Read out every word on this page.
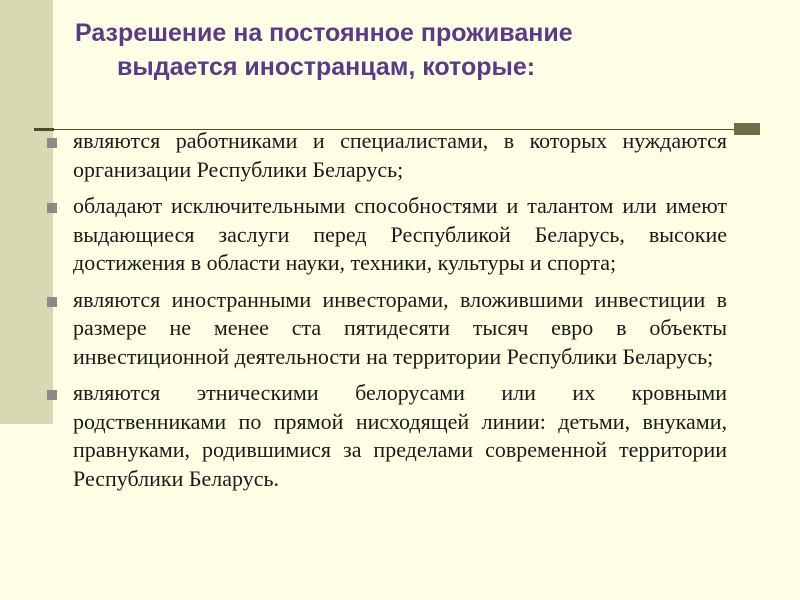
Разрешение на постоянное проживание
выдается иностранцам, которые:
являются работниками и специалистами, в которых нуждаются организации Республики Беларусь;
обладают исключительными способностями и талантом или имеют выдающиеся заслуги перед Республикой Беларусь, высокие достижения в области науки, техники, культуры и спорта;
являются иностранными инвесторами, вложившими инвестиции в размере не менее ста пятидесяти тысяч евро в объекты инвестиционной деятельности на территории Республики Беларусь;
являются этническими белорусами или их кровными родственниками по прямой нисходящей линии: детьми, внуками, правнуками, родившимися за пределами современной территории Республики Беларусь.
